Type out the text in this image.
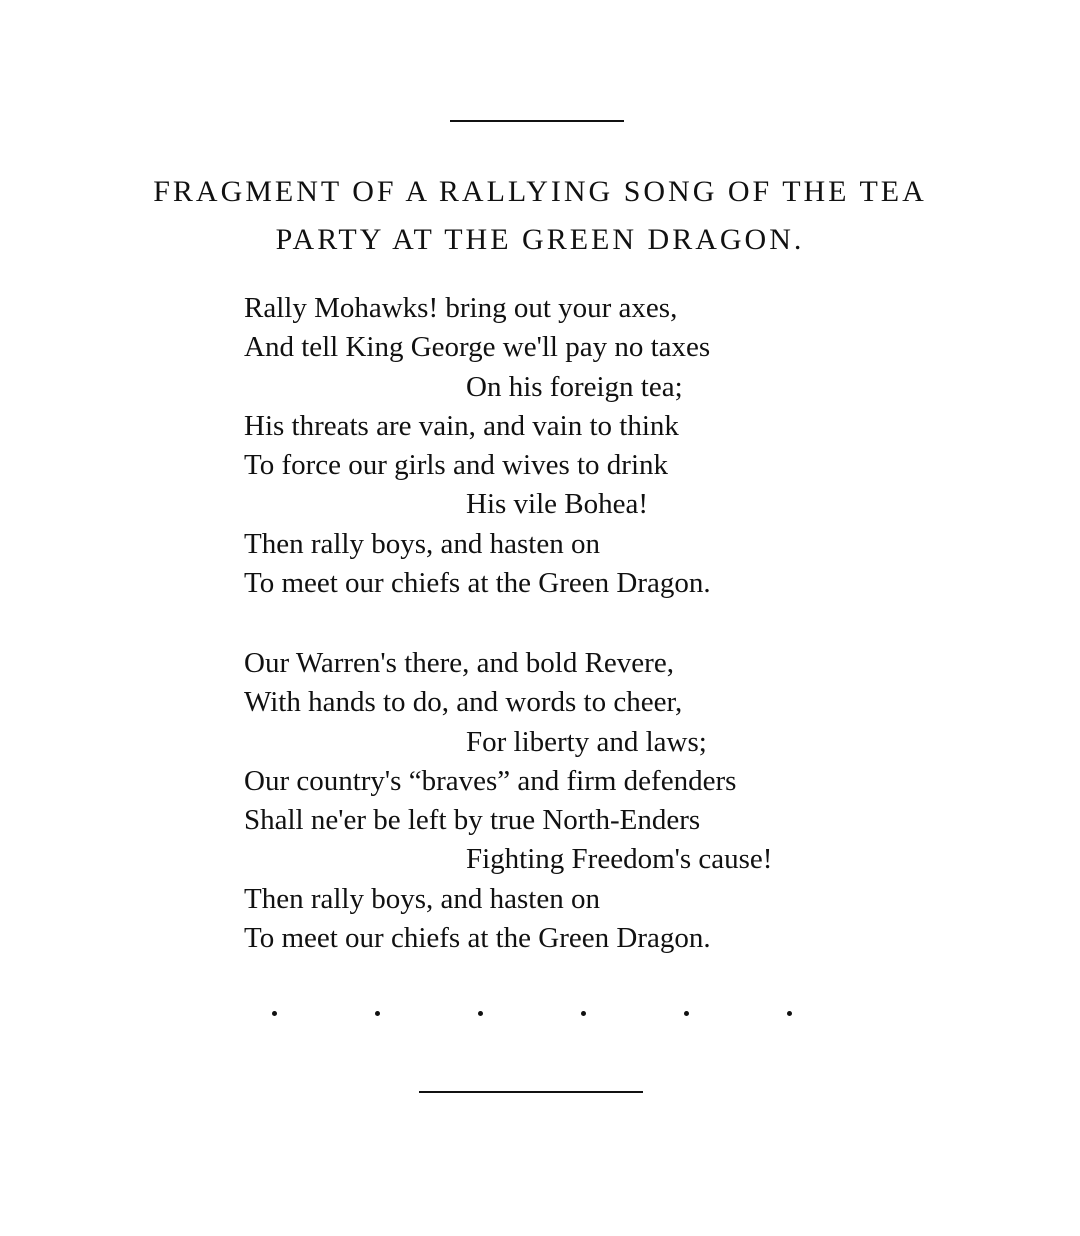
FRAGMENT OF A RALLYING SONG OF THE TEA
PARTY AT THE GREEN DRAGON.
Rally Mohawks! bring out your axes,
And tell King George we'll pay no taxes
On his foreign tea;
His threats are vain, and vain to think
To force our girls and wives to drink
His vile Bohea!
Then rally boys, and hasten on
To meet our chiefs at the Green Dragon.
Our Warren's there, and bold Revere,
With hands to do, and words to cheer,
For liberty and laws;
Our country's “braves” and firm defenders
Shall ne'er be left by true North-Enders
Fighting Freedom's cause!
Then rally boys, and hasten on
To meet our chiefs at the Green Dragon.
